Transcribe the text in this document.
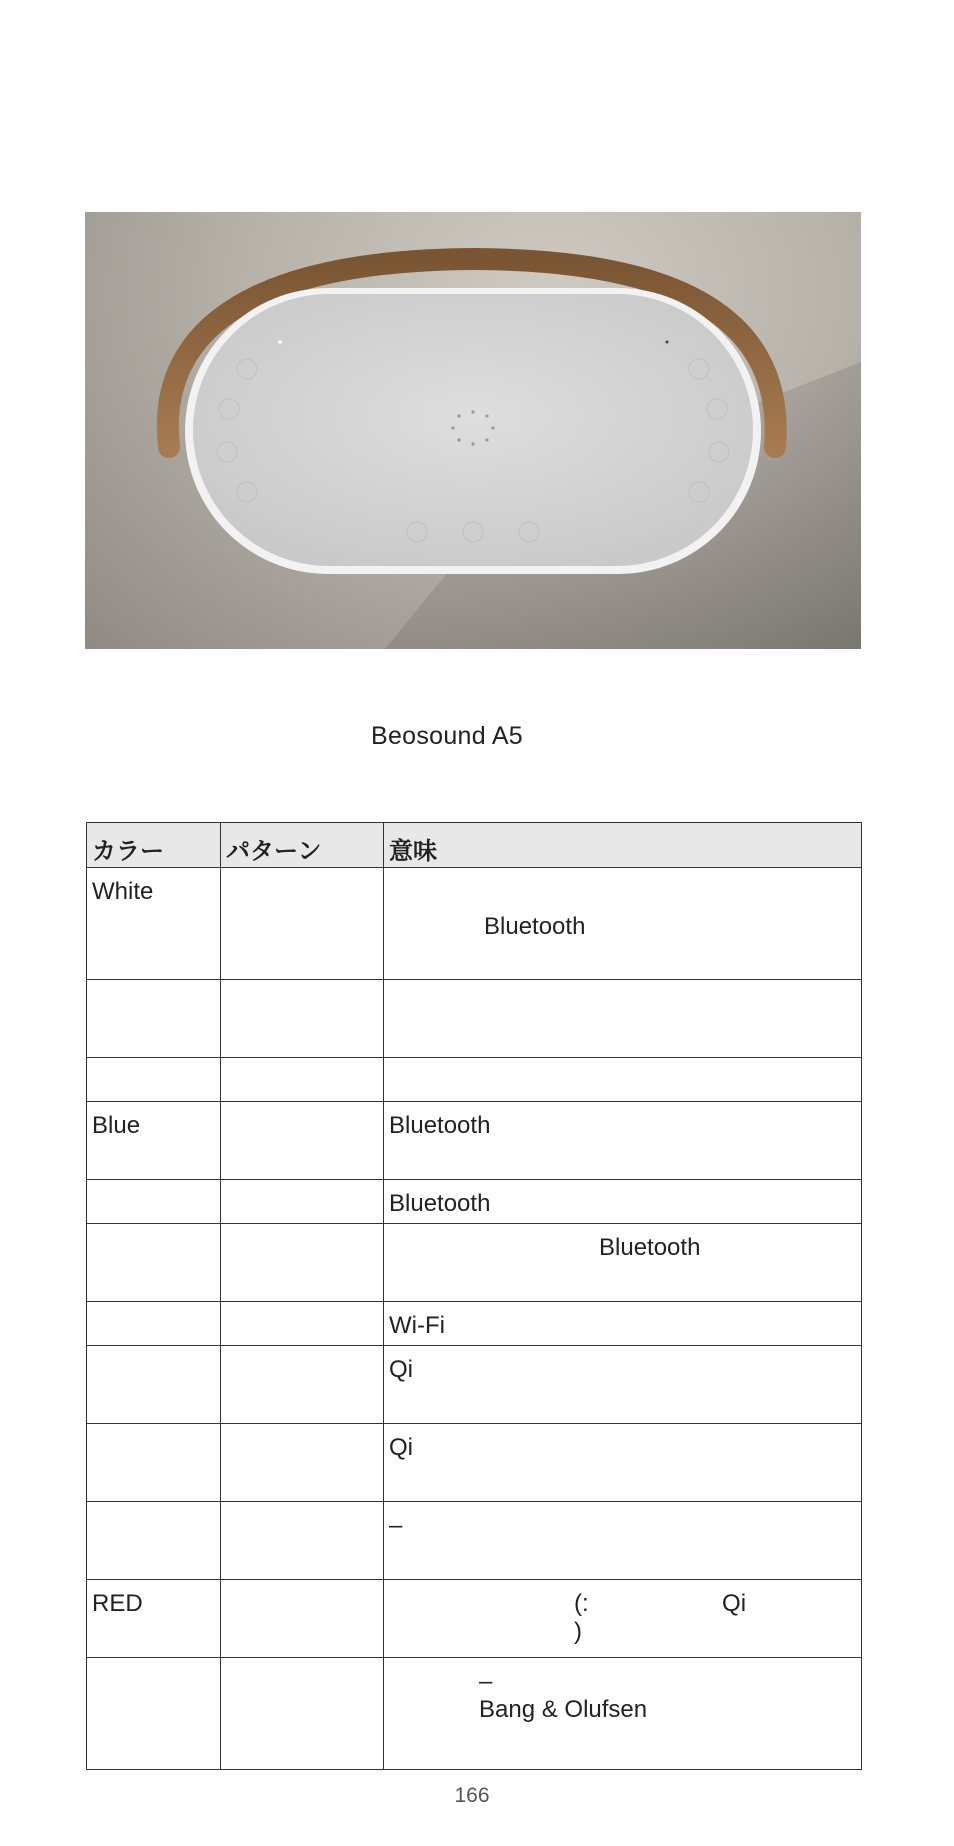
Beosound A5
カラー	パターン	意味
White		Bluetooth

Blue		Bluetooth
		Bluetooth
		Bluetooth
		Wi-Fi
		Qi
		Qi
		–
RED		(:                    Qi
)
		–
Bang & Olufsen
166
